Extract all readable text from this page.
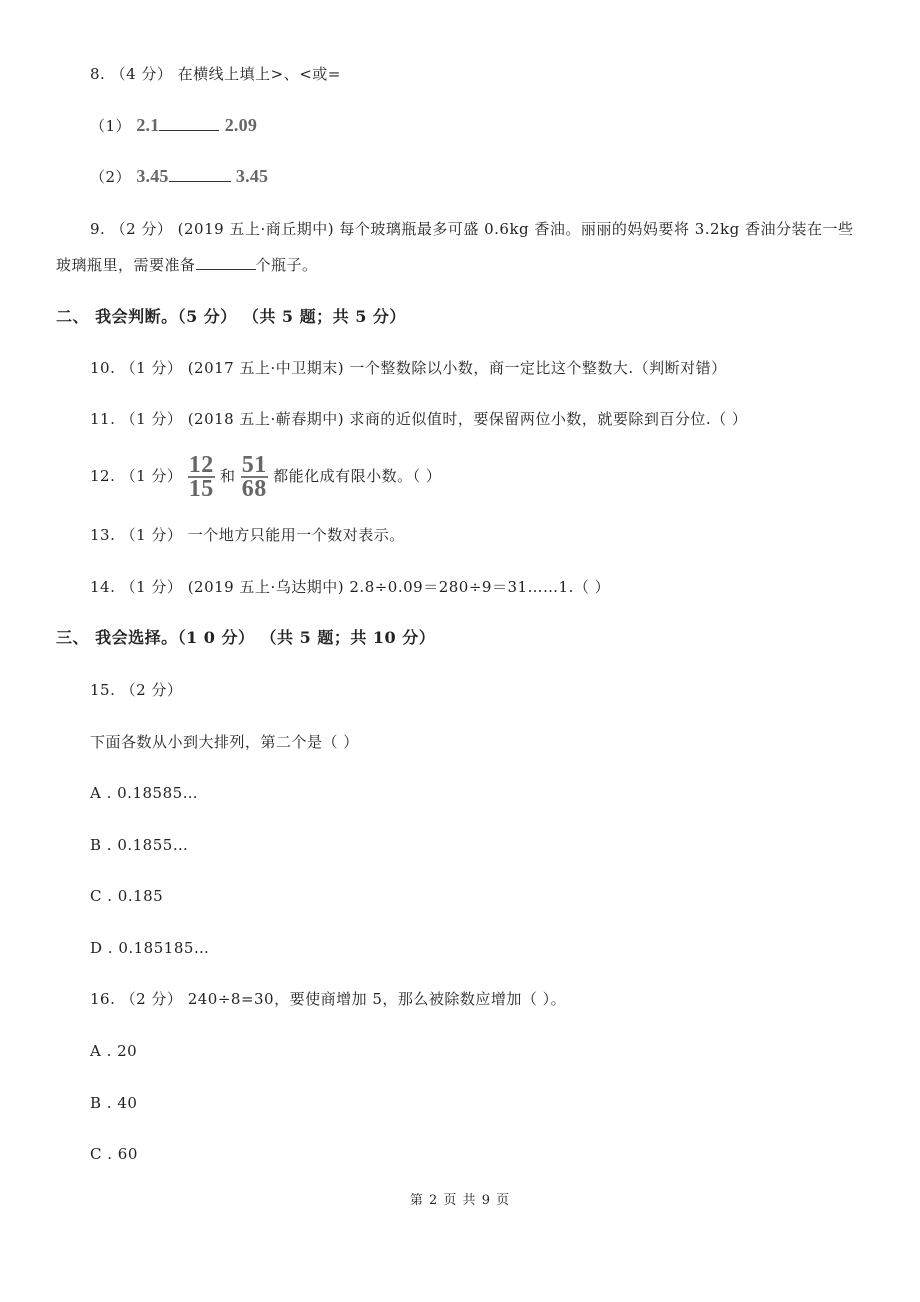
8. （4 分） 在横线上填上>、<或=
（1） 2.1	2.09
（2） 3.45	3.45
9. （2 分） (2019 五上·商丘期中) 每个玻璃瓶最多可盛 0.6kg 香油。丽丽的妈妈要将 3.2kg 香油分装在一些
玻璃瓶里，需要准备	个瓶子。
二、 我会判断。（5 分） （共 5 题；共 5 分）
10. （1 分） (2017 五上·中卫期末) 一个整数除以小数，商一定比这个整数大.（判断对错）
11. （1 分） (2018 五上·蕲春期中) 求商的近似值时，要保留两位小数，就要除到百分位.（ ）
12. （1 分） $\frac{12}{15}$ 和 $\frac{51}{68}$ 都能化成有限小数。（ ）
13. （1 分） 一个地方只能用一个数对表示。
14. （1 分） (2019 五上·乌达期中) 2.8÷0.09＝280÷9＝31……1.（ ）
三、 我会选择。（1 0 分） （共 5 题；共 10 分）
15. （2 分）
下面各数从小到大排列，第二个是（ ）
A . 0.18585…
B . 0.1855…
C . 0.185
D . 0.185185…
16. （2 分） 240÷8=30，要使商增加 5，那么被除数应增加（ ）。
A . 20
B . 40
C . 60
第 2 页 共 9 页
